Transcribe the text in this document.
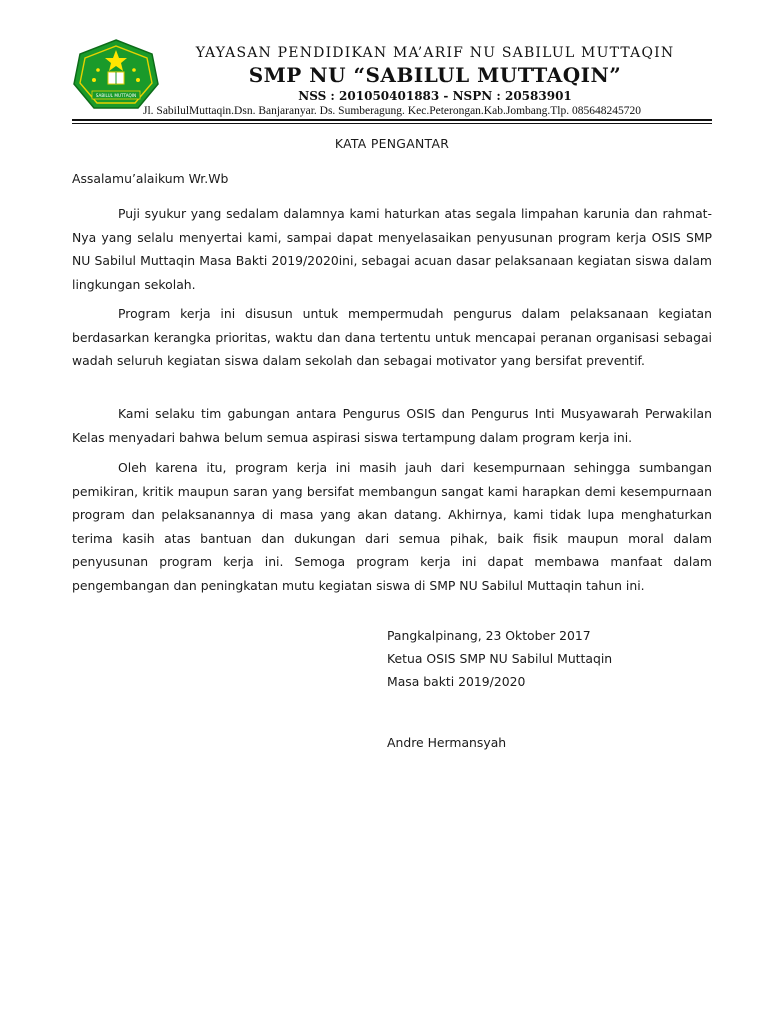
SABILUL MUTTAQIN
YAYASAN PENDIDIKAN MA’ARIF NU SABILUL MUTTAQIN
SMP NU “SABILUL MUTTAQIN”
NSS : 201050401883 - NSPN : 20583901
Jl. SabilulMuttaqin.Dsn. Banjaranyar. Ds. Sumberagung. Kec.Peterongan.Kab.Jombang.Tlp. 085648245720
KATA PENGANTAR
Assalamu’alaikum Wr.Wb

Puji syukur yang sedalam dalamnya kami haturkan atas segala limpahan karunia dan rahmat-Nya yang selalu menyertai kami, sampai dapat menyelasaikan penyusunan program kerja OSIS SMP NU Sabilul Muttaqin Masa Bakti 2019/2020ini, sebagai acuan dasar pelaksanaan kegiatan siswa dalam lingkungan sekolah.

Program kerja ini disusun untuk mempermudah pengurus dalam pelaksanaan kegiatan berdasarkan kerangka prioritas, waktu dan dana tertentu untuk mencapai peranan organisasi sebagai wadah seluruh kegiatan siswa dalam sekolah dan sebagai motivator yang bersifat preventif.

Kami selaku tim gabungan antara Pengurus OSIS dan Pengurus Inti Musyawarah Perwakilan Kelas menyadari bahwa belum semua aspirasi siswa tertampung dalam program kerja ini.

Oleh karena itu, program kerja ini masih jauh dari kesempurnaan sehingga sumbangan pemikiran, kritik maupun saran yang bersifat membangun sangat kami harapkan demi kesempurnaan program dan pelaksanannya di masa yang akan datang. Akhirnya, kami tidak lupa menghaturkan terima kasih atas bantuan dan dukungan dari semua pihak, baik fisik maupun moral dalam penyusunan program kerja ini. Semoga program kerja ini dapat membawa manfaat dalam pengembangan dan peningkatan mutu kegiatan siswa di SMP NU Sabilul Muttaqin tahun ini.

Pangkalpinang, 23 Oktober 2017
Ketua OSIS SMP NU Sabilul Muttaqin
Masa bakti 2019/2020
Andre Hermansyah
